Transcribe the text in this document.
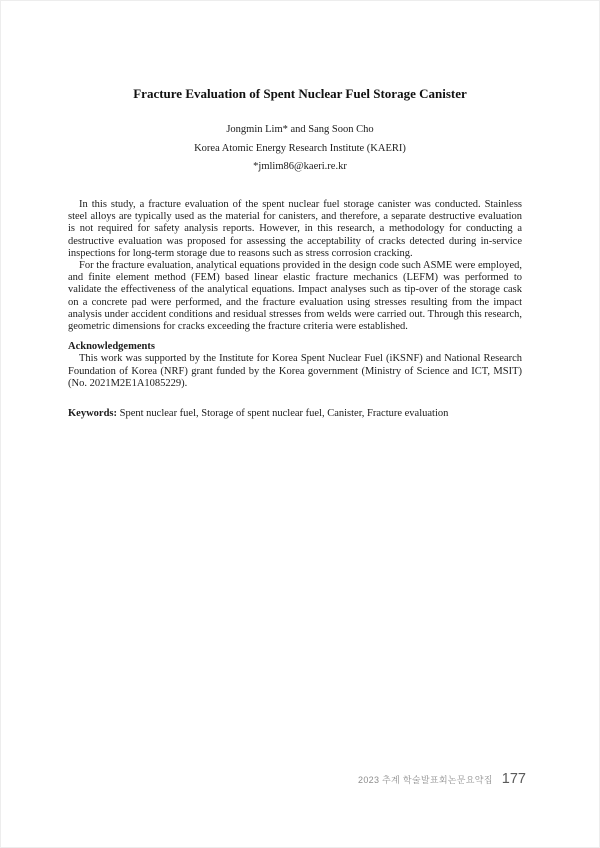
Fracture Evaluation of Spent Nuclear Fuel Storage Canister
Jongmin Lim* and Sang Soon Cho
Korea Atomic Energy Research Institute (KAERI)
*jmlim86@kaeri.re.kr

In this study, a fracture evaluation of the spent nuclear fuel storage canister was conducted. Stainless steel alloys are typically used as the material for canisters, and therefore, a separate destructive evaluation is not required for safety analysis reports. However, in this research, a methodology for conducting a destructive evaluation was proposed for assessing the acceptability of cracks detected during in-service inspections for long-term storage due to reasons such as stress corrosion cracking.

For the fracture evaluation, analytical equations provided in the design code such ASME were employed, and finite element method (FEM) based linear elastic fracture mechanics (LEFM) was performed to validate the effectiveness of the analytical equations. Impact analyses such as tip-over of the storage cask on a concrete pad were performed, and the fracture evaluation using stresses resulting from the impact analysis under accident conditions and residual stresses from welds were carried out. Through this research, geometric dimensions for cracks exceeding the fracture criteria were established.

Acknowledgements

This work was supported by the Institute for Korea Spent Nuclear Fuel (iKSNF) and National Research Foundation of Korea (NRF) grant funded by the Korea government (Ministry of Science and ICT, MSIT) (No. 2021M2E1A1085229).

Keywords: Spent nuclear fuel, Storage of spent nuclear fuel, Canister, Fracture evaluation

2023 추계 학술발표회논문요약집 177
